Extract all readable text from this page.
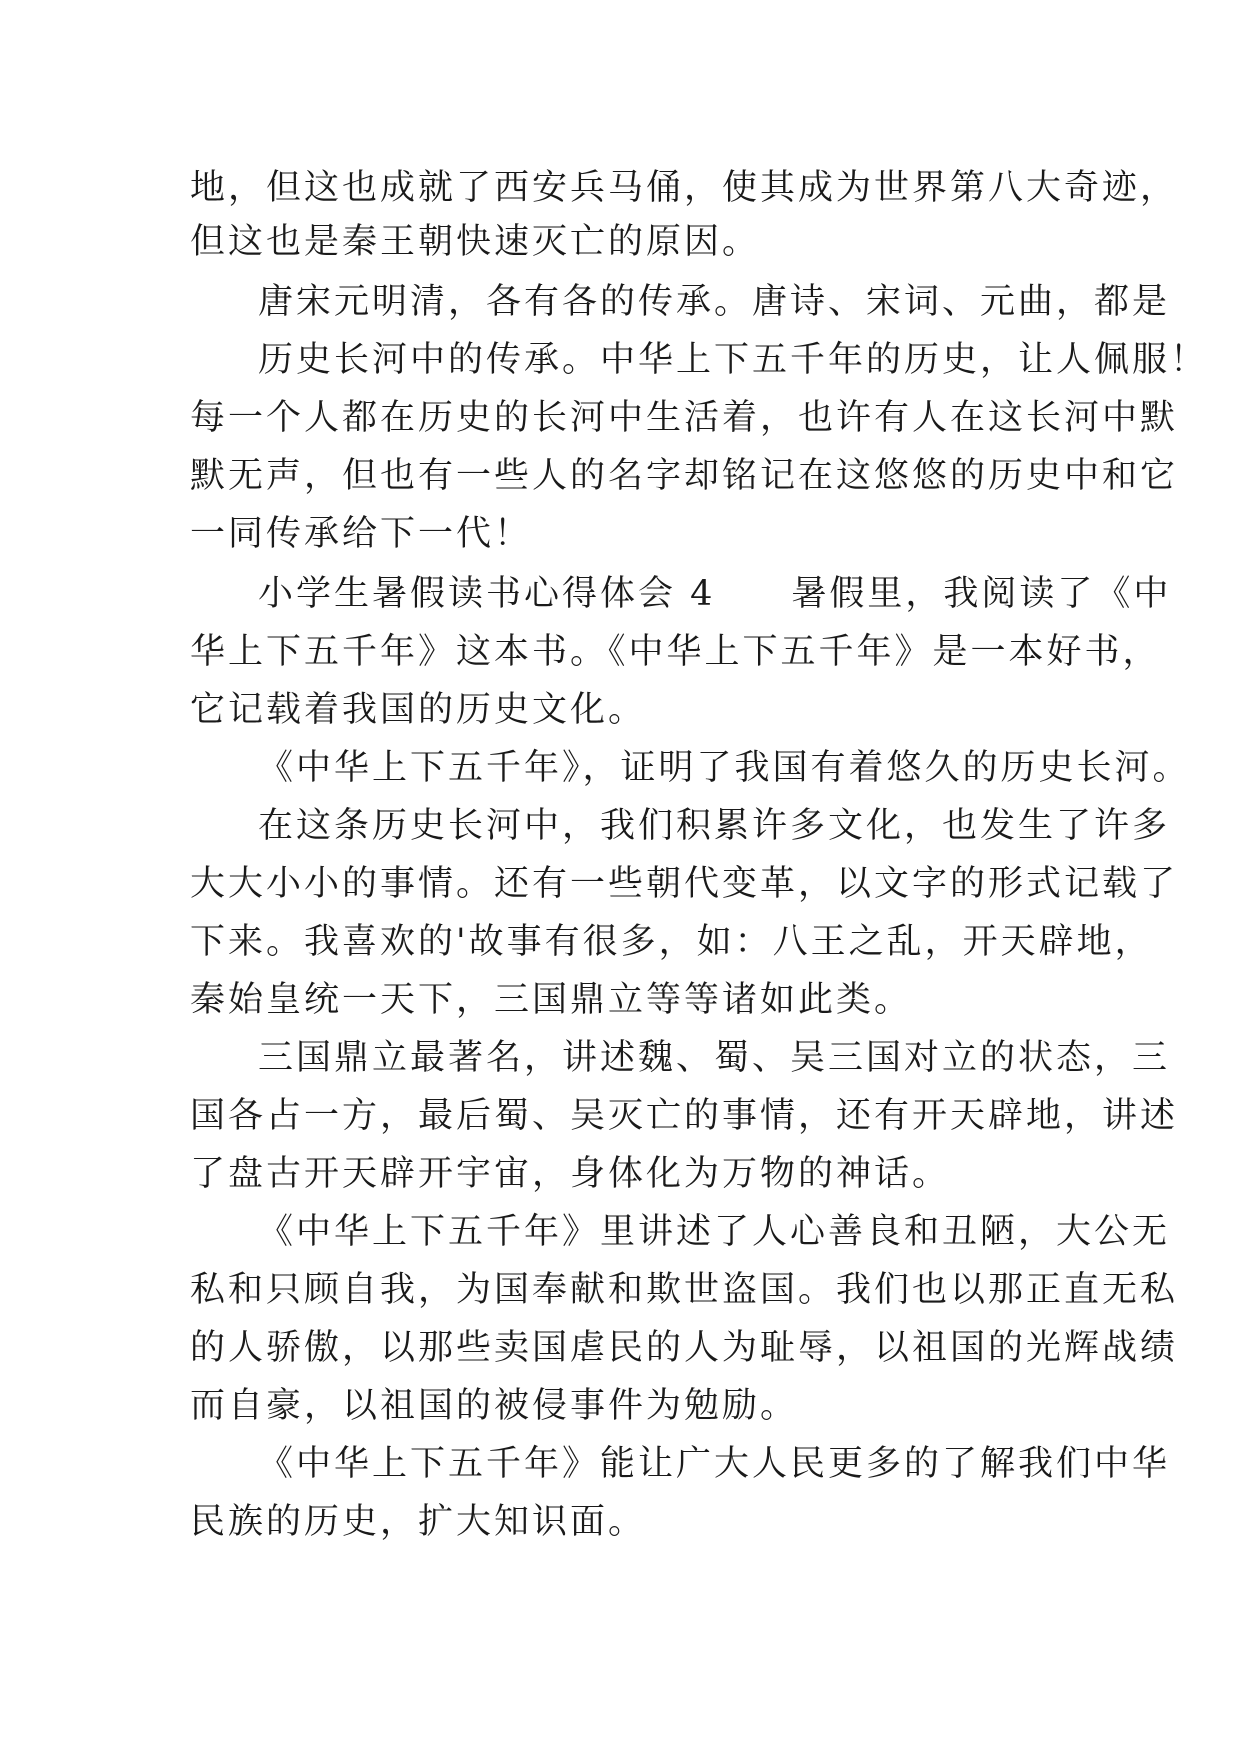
地，但这也成就了西安兵马俑，使其成为世界第八大奇迹，
但这也是秦王朝快速灭亡的原因。
唐宋元明清，各有各的传承。唐诗、宋词、元曲，都是
历史长河中的传承。中华上下五千年的历史，让人佩服！
每一个人都在历史的长河中生活着，也许有人在这长河中默
默无声，但也有一些人的名字却铭记在这悠悠的历史中和它
一同传承给下一代！
小学生暑假读书心得体会 4　　暑假里，我阅读了《中
华上下五千年》这本书。《中华上下五千年》是一本好书，
它记载着我国的历史文化。
《中华上下五千年》，证明了我国有着悠久的历史长河。
在这条历史长河中，我们积累许多文化，也发生了许多
大大小小的事情。还有一些朝代变革，以文字的形式记载了
下来。我喜欢的'故事有很多，如：八王之乱，开天辟地，
秦始皇统一天下，三国鼎立等等诸如此类。
三国鼎立最著名，讲述魏、蜀、吴三国对立的状态，三
国各占一方，最后蜀、吴灭亡的事情，还有开天辟地，讲述
了盘古开天辟开宇宙，身体化为万物的神话。
《中华上下五千年》里讲述了人心善良和丑陋，大公无
私和只顾自我，为国奉献和欺世盗国。我们也以那正直无私
的人骄傲，以那些卖国虐民的人为耻辱，以祖国的光辉战绩
而自豪，以祖国的被侵事件为勉励。
《中华上下五千年》能让广大人民更多的了解我们中华
民族的历史，扩大知识面。
